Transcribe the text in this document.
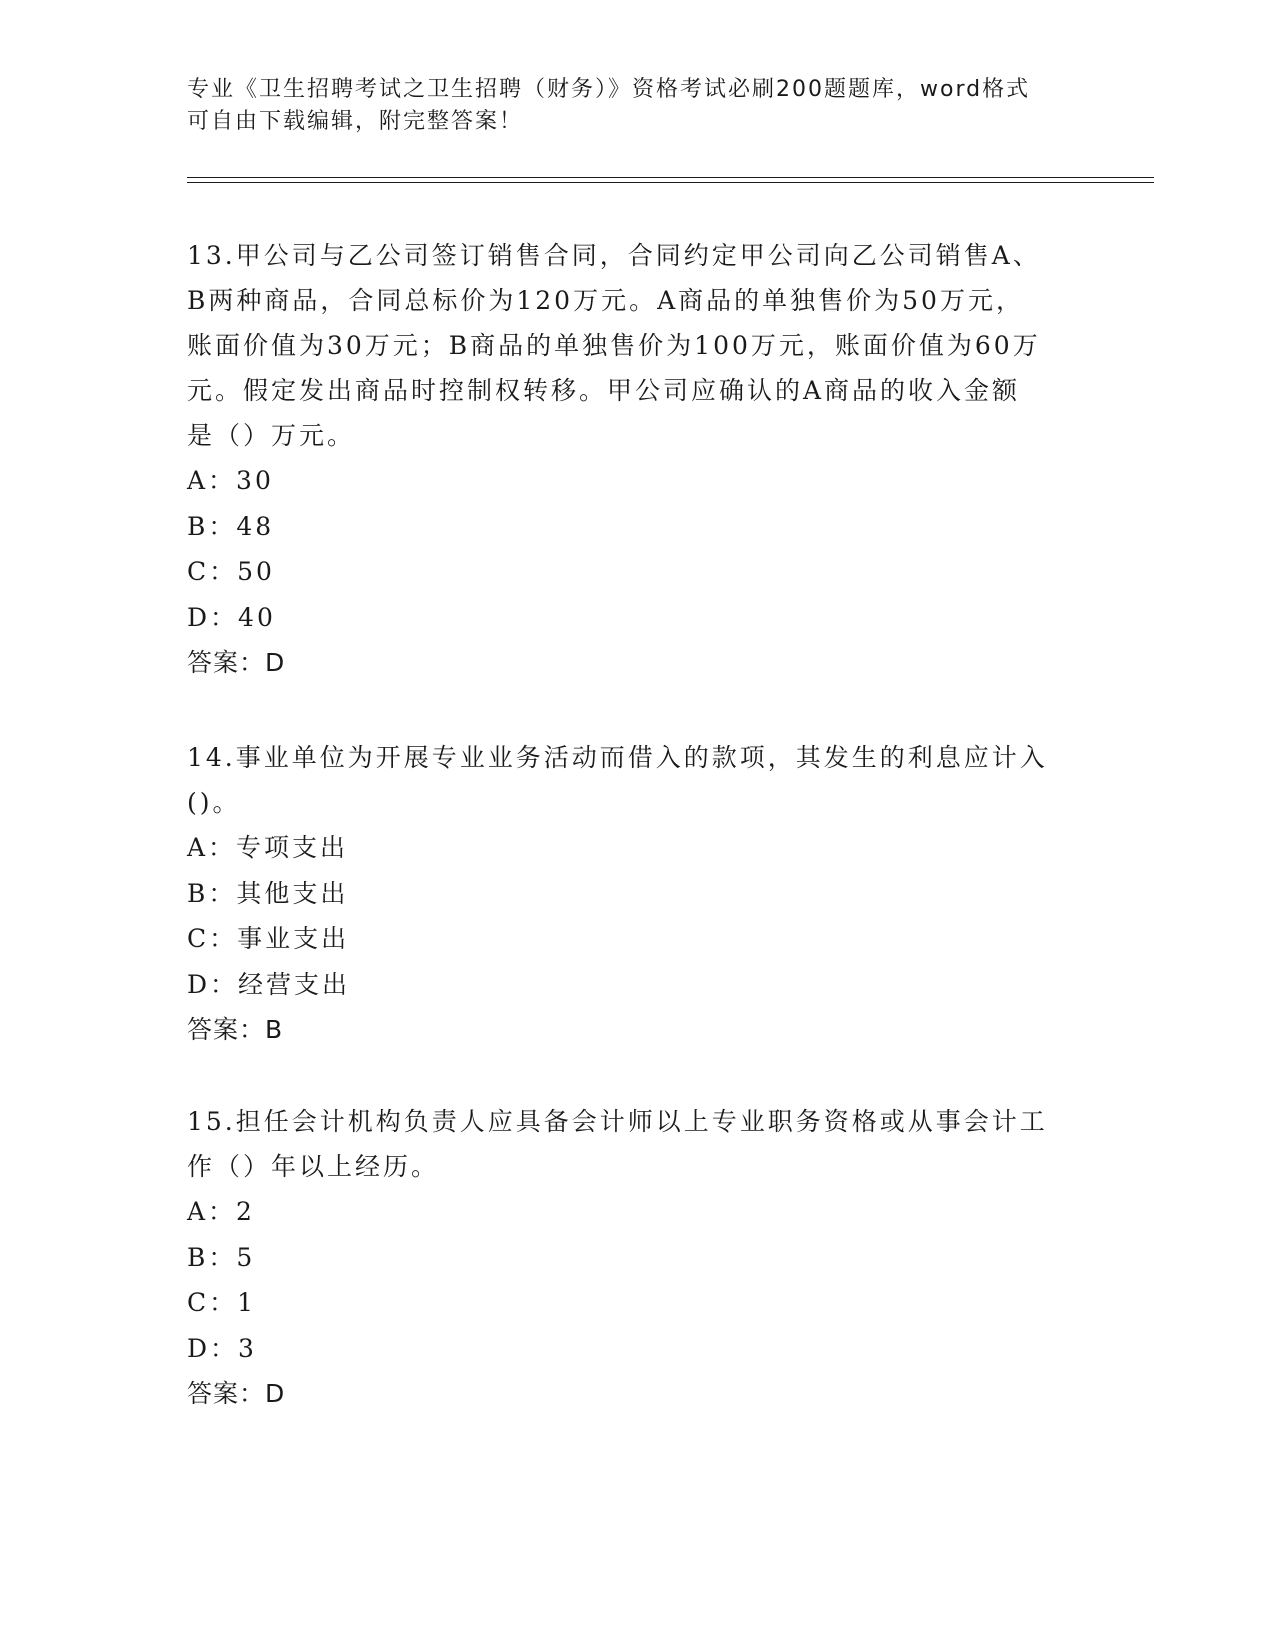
专业《卫生招聘考试之卫生招聘（财务）》资格考试必刷200题题库，word格式
可自由下载编辑，附完整答案！
13.甲公司与乙公司签订销售合同，合同约定甲公司向乙公司销售A、
B两种商品，合同总标价为120万元。A商品的单独售价为50万元，
账面价值为30万元；B商品的单独售价为100万元，账面价值为60万
元。假定发出商品时控制权转移。甲公司应确认的A商品的收入金额
是（）万元。
A：30
B：48
C：50
D：40
答案：D
14.事业单位为开展专业业务活动而借入的款项，其发生的利息应计入
()。
A：专项支出
B：其他支出
C：事业支出
D：经营支出
答案：B
15.担任会计机构负责人应具备会计师以上专业职务资格或从事会计工
作（）年以上经历。
A：2
B：5
C：1
D：3
答案：D
